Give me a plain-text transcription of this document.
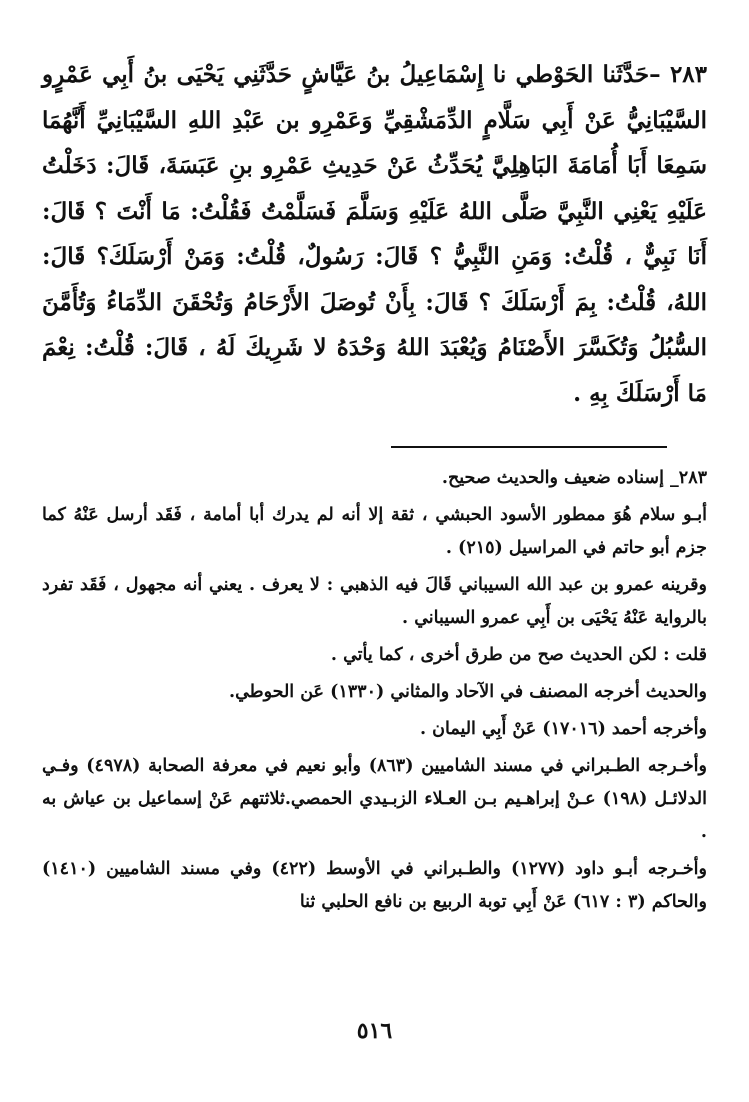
٢٨٣ –حَدَّثَنا الحَوْطي نا إِسْمَاعِيلُ بنُ عَيَّاشٍ حَدَّثَنِي يَحْيَى بنُ أَبِي عَمْرٍو السَّيْبَانِيُّ عَنْ أَبِي سَلَّامٍ الدِّمَشْقِيِّ وَعَمْرِو بن عَبْدِ اللهِ السَّيْبَانِيِّ أَنَّهُمَا سَمِعَا أَبَا أُمَامَةَ البَاهِلِيَّ يُحَدِّثُ عَنْ حَدِيثِ عَمْرِو بنِ عَبَسَةَ، قَالَ: دَخَلْتُ عَلَيْهِ يَعْنِي النَّبِيَّ صَلَّى اللهُ عَلَيْهِ وَسَلَّمَ فَسَلَّمْتُ فَقُلْتُ: مَا أَنْتَ ؟ قَالَ: أَنَا نَبِيٌّ ، قُلْتُ: وَمَنِ النَّبِيُّ ؟ قَالَ: رَسُولٌ، قُلْتُ: وَمَنْ أَرْسَلَكَ؟ قَالَ: اللهُ، قُلْتُ: بِمَ أَرْسَلَكَ ؟ قَالَ: بِأَنْ تُوصَلَ الأَرْحَامُ وَتُحْقَنَ الدِّمَاءُ وَتُأَمَّنَ السُّبُلُ وَتُكَسَّرَ الأَصْنَامُ وَيُعْبَدَ اللهُ وَحْدَهُ لا شَرِيكَ لَهُ ، قَالَ: قُلْتُ: نِعْمَ مَا أَرْسَلَكَ بِهِ .

٢٨٣_ إسناده ضعيف والحديث صحيح.
أبـو سلام هُوَ ممطور الأسود الحبشي ، ثقة إلا أنه لم يدرك أبا أمامة ، فَقَد أرسل عَنْهُ كما جزم أبو حاتم في المراسيل (٢١٥) .
وقرينه عمرو بن عبد الله السيباني قَالَ فيه الذهبي : لا يعرف . يعني أنه مجهول ، فَقَد تفرد بالرواية عَنْهُ يَحْيَى بن أَبِي عمرو السيباني .
قلت : لكن الحديث صح من طرق أخرى ، كما يأتي .
والحديث أخرجه المصنف في الآحاد والمثاني (١٣٣٠) عَن الحوطي.
وأخرجه أحمد (١٧٠١٦) عَنْ أَبِي اليمان .
وأخـرجه الطـبراني في مسند الشاميين (٨٦٣) وأبو نعيم في معرفة الصحابة (٤٩٧٨) وفـي الدلائـل (١٩٨) عـنْ إبراهـيم بـن العـلاء الزبـيدي الحمصي.ثلاثتهم عَنْ إسماعيل بن عياش به .
وأخـرجه أبـو داود (١٢٧٧) والطـبراني في الأوسط (٤٢٢) وفي مسند الشاميين (١٤١٠) والحاكم (٣ : ٦١٧) عَنْ أَبِي توبة الربيع بن نافع الحلبي ثنا
٥١٦
